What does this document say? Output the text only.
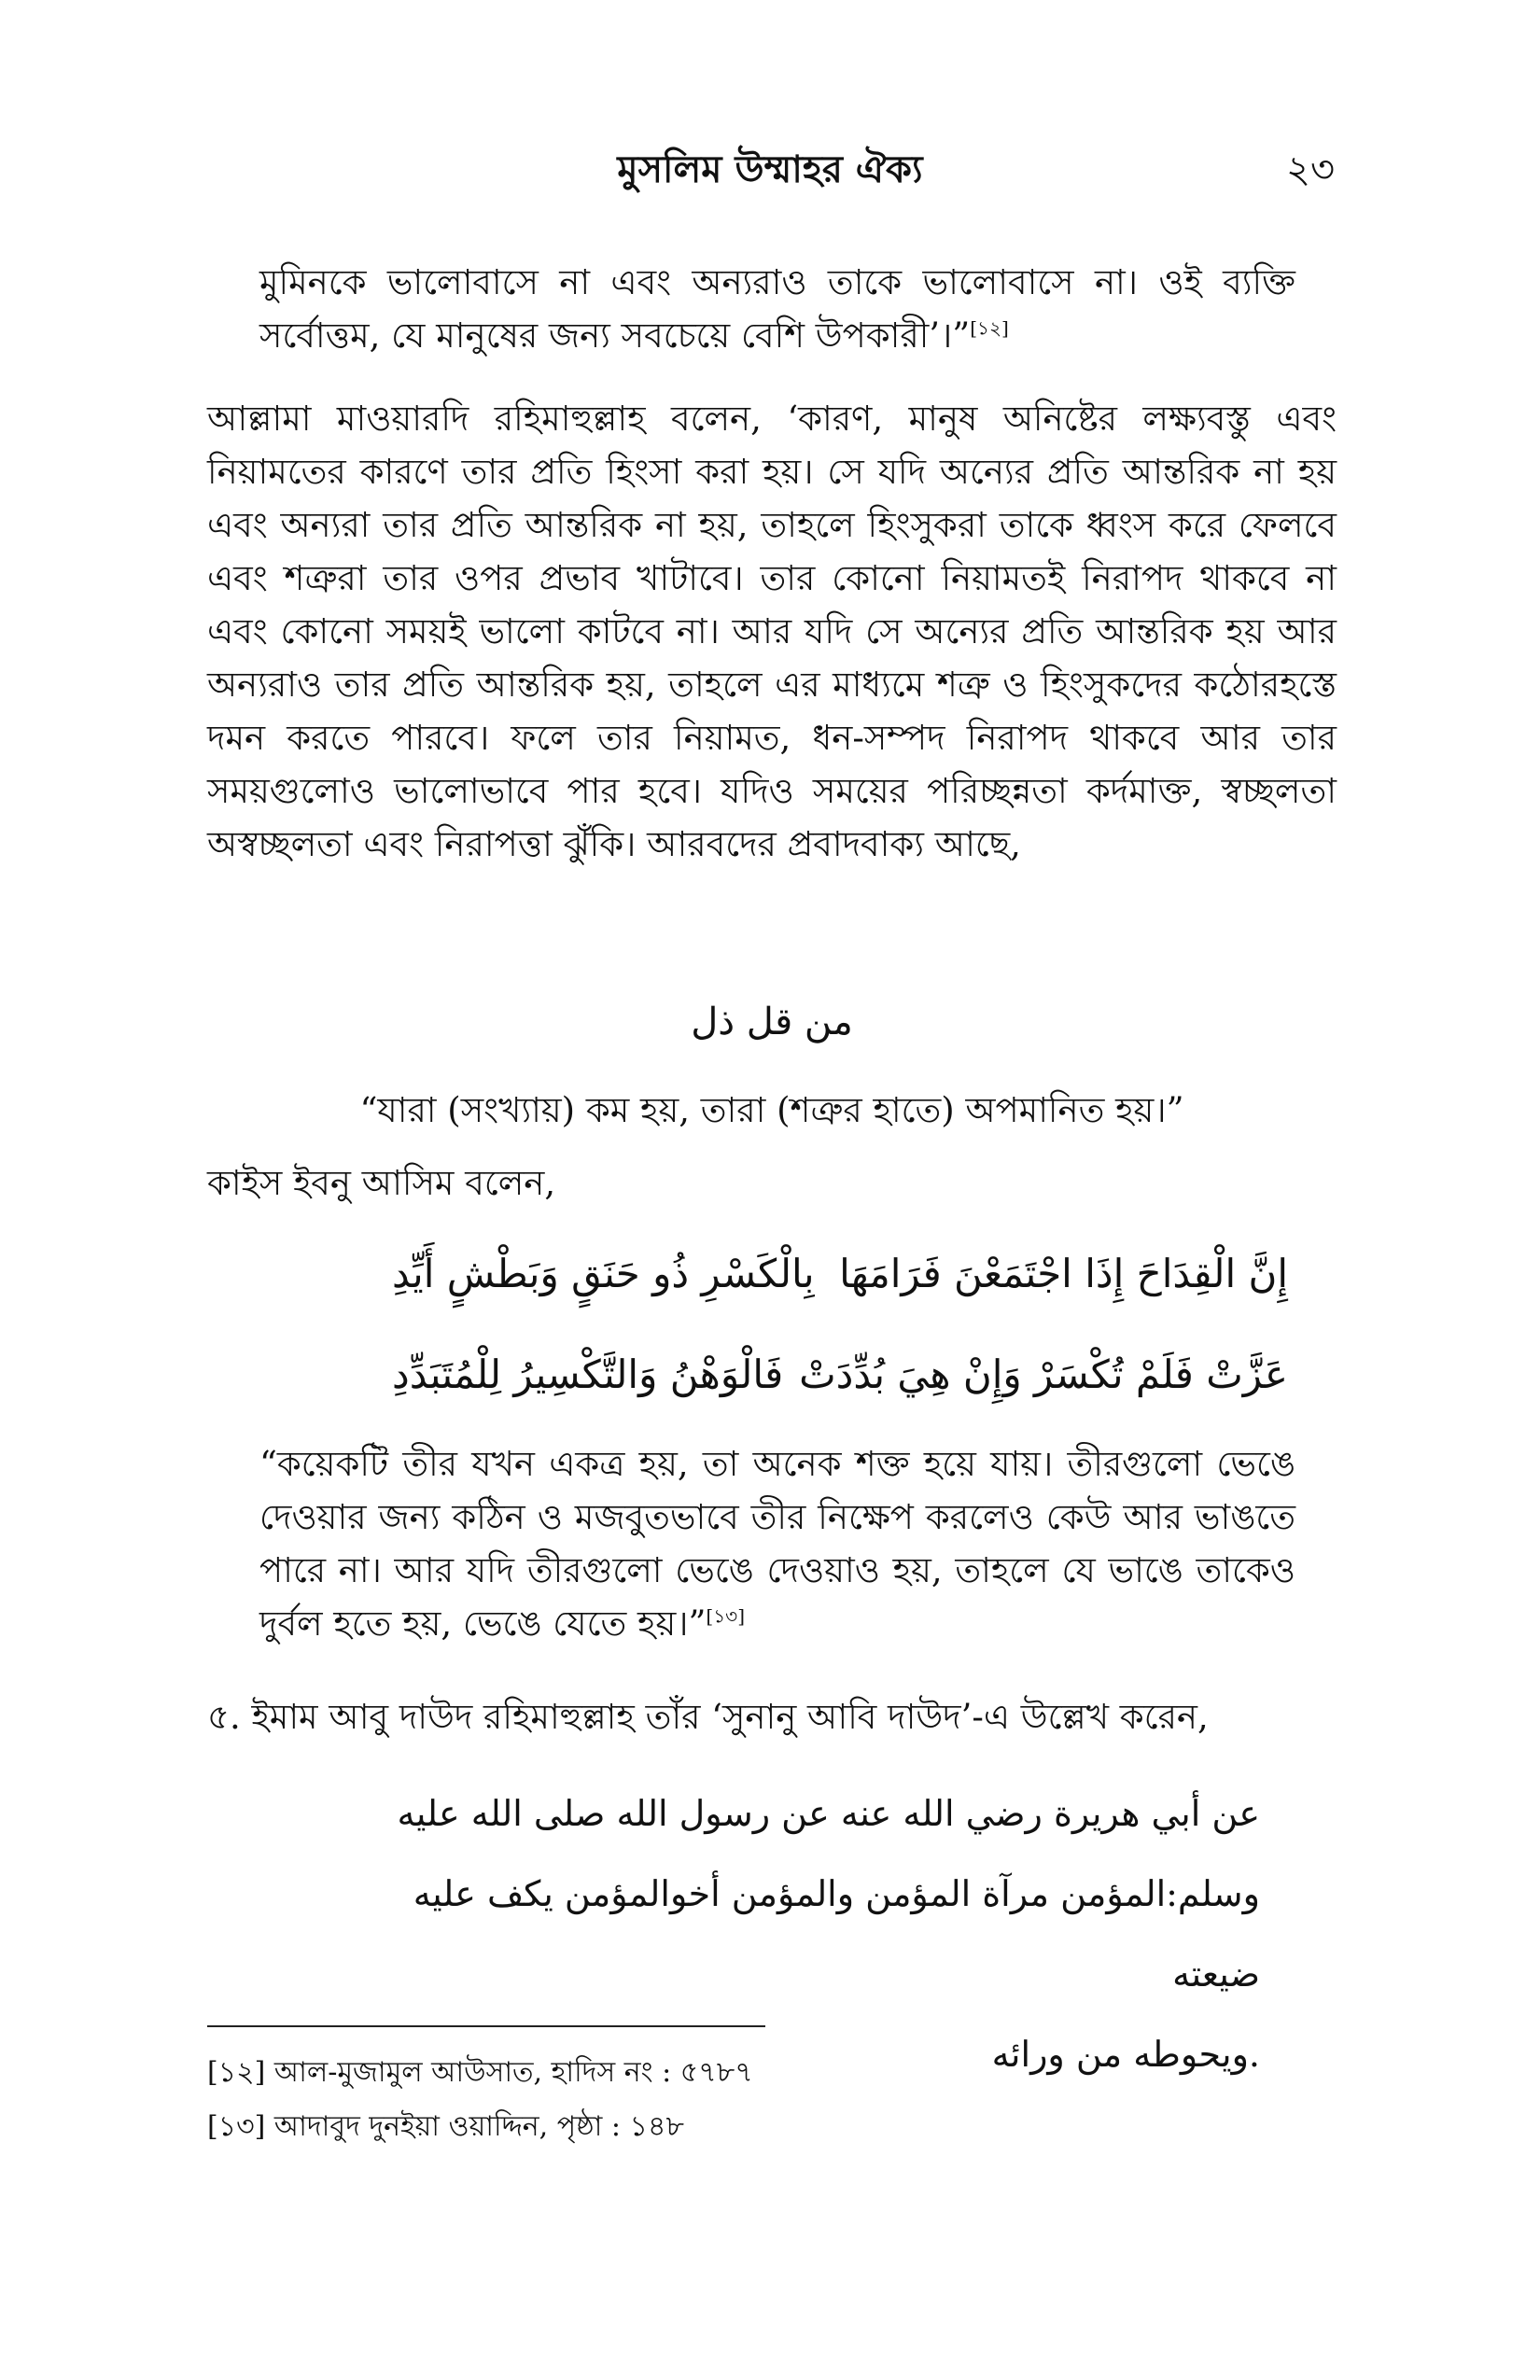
মুসলিম উম্মাহর ঐক্য	২৩
মুমিনকে ভালোবাসে না এবং অন্যরাও তাকে ভালোবাসে না। ওই ব্যক্তি সর্বোত্তম, যে মানুষের জন্য সবচেয়ে বেশি উপকারী’।”[১২]
আল্লামা মাওয়ারদি রহিমাহুল্লাহ বলেন, ‘কারণ, মানুষ অনিষ্টের লক্ষ্যবস্তু এবং নিয়ামতের কারণে তার প্রতি হিংসা করা হয়। সে যদি অন্যের প্রতি আন্তরিক না হয় এবং অন্যরা তার প্রতি আন্তরিক না হয়, তাহলে হিংসুকরা তাকে ধ্বংস করে ফেলবে এবং শত্রুরা তার ওপর প্রভাব খাটাবে। তার কোনো নিয়ামতই নিরাপদ থাকবে না এবং কোনো সময়ই ভালো কাটবে না। আর যদি সে অন্যের প্রতি আন্তরিক হয় আর অন্যরাও তার প্রতি আন্তরিক হয়, তাহলে এর মাধ্যমে শত্রু ও হিংসুকদের কঠোরহস্তে দমন করতে পারবে। ফলে তার নিয়ামত, ধন-সম্পদ নিরাপদ থাকবে আর তার সময়গুলোও ভালোভাবে পার হবে। যদিও সময়ের পরিচ্ছন্নতা কর্দমাক্ত, স্বচ্ছলতা অস্বচ্ছলতা এবং নিরাপত্তা ঝুঁকি। আরবদের প্রবাদবাক্য আছে,
من قل ذل
“যারা (সংখ্যায়) কম হয়, তারা (শত্রুর হাতে) অপমানিত হয়।”
কাইস ইবনু আসিম বলেন,
إِنَّ الْقِدَاحَ إِذَا اجْتَمَعْنَ فَرَامَهَا
بِالْكَسْرِ ذُو حَنَقٍ وَبَطْشٍ أَيِّدِ
عَزَّتْ فَلَمْ تُكْسَرْ وَإِنْ هِيَ بُدِّدَتْ
فَالْوَهْنُ وَالتَّكْسِيرُ لِلْمُتَبَدِّدِ
“কয়েকটি তীর যখন একত্র হয়, তা অনেক শক্ত হয়ে যায়। তীরগুলো ভেঙে দেওয়ার জন্য কঠিন ও মজবুতভাবে তীর নিক্ষেপ করলেও কেউ আর ভাঙতে পারে না। আর যদি তীরগুলো ভেঙে দেওয়াও হয়, তাহলে যে ভাঙে তাকেও দুর্বল হতে হয়, ভেঙে যেতে হয়।”[১৩]
৫. ইমাম আবু দাউদ রহিমাহুল্লাহ তাঁর ‘সুনানু আবি দাউদ’-এ উল্লেখ করেন,
عن أبي هريرة رضي الله عنه عن رسول الله صلى الله عليه
وسلم:المؤمن مرآة المؤمن والمؤمن أخوالمؤمن يكف عليه ضيعته
.ويحوطه من ورائه
[১২] আল-মুজামুল আউসাত, হাদিস নং : ৫৭৮৭
[১৩] আদাবুদ দুনইয়া ওয়াদ্দিন, পৃষ্ঠা : ১৪৮
